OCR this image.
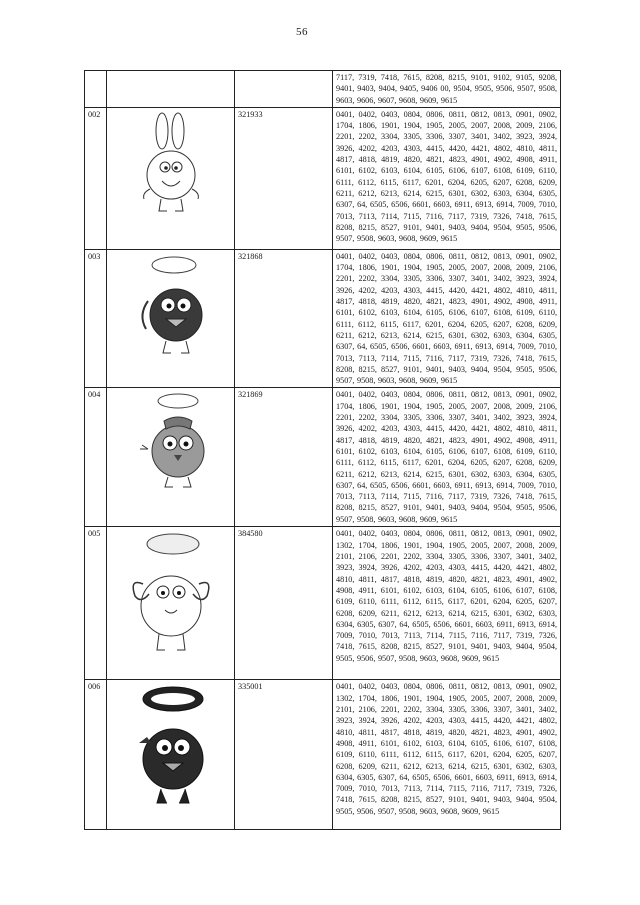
56
			7117, 7319, 7418, 7615, 8208, 8215, 9101, 9102, 9105, 9208, 9401, 9403, 9404, 9405, 9406 00, 9504, 9505, 9506, 9507, 9508, 9603, 9606, 9607, 9608, 9609, 9615
002		321933	0401, 0402, 0403, 0804, 0806, 0811, 0812, 0813, 0901, 0902, 1704, 1806, 1901, 1904, 1905, 2005, 2007, 2008, 2009, 2106, 2201, 2202, 3304, 3305, 3306, 3307, 3401, 3402, 3923, 3924, 3926, 4202, 4203, 4303, 4415, 4420, 4421, 4802, 4810, 4811, 4817, 4818, 4819, 4820, 4821, 4823, 4901, 4902, 4908, 4911, 6101, 6102, 6103, 6104, 6105, 6106, 6107, 6108, 6109, 6110, 6111, 6112, 6115, 6117, 6201, 6204, 6205, 6207, 6208, 6209, 6211, 6212, 6213, 6214, 6215, 6301, 6302, 6303, 6304, 6305, 6307, 64, 6505, 6506, 6601, 6603, 6911, 6913, 6914, 7009, 7010, 7013, 7113, 7114, 7115, 7116, 7117, 7319, 7326, 7418, 7615, 8208, 8215, 8527, 9101, 9401, 9403, 9404, 9504, 9505, 9506, 9507, 9508, 9603, 9608, 9609, 9615
003		321868	0401, 0402, 0403, 0804, 0806, 0811, 0812, 0813, 0901, 0902, 1704, 1806, 1901, 1904, 1905, 2005, 2007, 2008, 2009, 2106, 2201, 2202, 3304, 3305, 3306, 3307, 3401, 3402, 3923, 3924, 3926, 4202, 4203, 4303, 4415, 4420, 4421, 4802, 4810, 4811, 4817, 4818, 4819, 4820, 4821, 4823, 4901, 4902, 4908, 4911, 6101, 6102, 6103, 6104, 6105, 6106, 6107, 6108, 6109, 6110, 6111, 6112, 6115, 6117, 6201, 6204, 6205, 6207, 6208, 6209, 6211, 6212, 6213, 6214, 6215, 6301, 6302, 6303, 6304, 6305, 6307, 64, 6505, 6506, 6601, 6603, 6911, 6913, 6914, 7009, 7010, 7013, 7113, 7114, 7115, 7116, 7117, 7319, 7326, 7418, 7615, 8208, 8215, 8527, 9101, 9401, 9403, 9404, 9504, 9505, 9506, 9507, 9508, 9603, 9608, 9609, 9615
004		321869	0401, 0402, 0403, 0804, 0806, 0811, 0812, 0813, 0901, 0902, 1704, 1806, 1901, 1904, 1905, 2005, 2007, 2008, 2009, 2106, 2201, 2202, 3304, 3305, 3306, 3307, 3401, 3402, 3923, 3924, 3926, 4202, 4203, 4303, 4415, 4420, 4421, 4802, 4810, 4811, 4817, 4818, 4819, 4820, 4821, 4823, 4901, 4902, 4908, 4911, 6101, 6102, 6103, 6104, 6105, 6106, 6107, 6108, 6109, 6110, 6111, 6112, 6115, 6117, 6201, 6204, 6205, 6207, 6208, 6209, 6211, 6212, 6213, 6214, 6215, 6301, 6302, 6303, 6304, 6305, 6307, 64, 6505, 6506, 6601, 6603, 6911, 6913, 6914, 7009, 7010, 7013, 7113, 7114, 7115, 7116, 7117, 7319, 7326, 7418, 7615, 8208, 8215, 8527, 9101, 9401, 9403, 9404, 9504, 9505, 9506, 9507, 9508, 9603, 9608, 9609, 9615
005		384580	0401, 0402, 0403, 0804, 0806, 0811, 0812, 0813, 0901, 0902, 1302, 1704, 1806, 1901, 1904, 1905, 2005, 2007, 2008, 2009, 2101, 2106, 2201, 2202, 3304, 3305, 3306, 3307, 3401, 3402, 3923, 3924, 3926, 4202, 4203, 4303, 4415, 4420, 4421, 4802, 4810, 4811, 4817, 4818, 4819, 4820, 4821, 4823, 4901, 4902, 4908, 4911, 6101, 6102, 6103, 6104, 6105, 6106, 6107, 6108, 6109, 6110, 6111, 6112, 6115, 6117, 6201, 6204, 6205, 6207, 6208, 6209, 6211, 6212, 6213, 6214, 6215, 6301, 6302, 6303, 6304, 6305, 6307, 64, 6505, 6506, 6601, 6603, 6911, 6913, 6914, 7009, 7010, 7013, 7113, 7114, 7115, 7116, 7117, 7319, 7326, 7418, 7615, 8208, 8215, 8527, 9101, 9401, 9403, 9404, 9504, 9505, 9506, 9507, 9508, 9603, 9608, 9609, 9615
006		335001	0401, 0402, 0403, 0804, 0806, 0811, 0812, 0813, 0901, 0902, 1302, 1704, 1806, 1901, 1904, 1905, 2005, 2007, 2008, 2009, 2101, 2106, 2201, 2202, 3304, 3305, 3306, 3307, 3401, 3402, 3923, 3924, 3926, 4202, 4203, 4303, 4415, 4420, 4421, 4802, 4810, 4811, 4817, 4818, 4819, 4820, 4821, 4823, 4901, 4902, 4908, 4911, 6101, 6102, 6103, 6104, 6105, 6106, 6107, 6108, 6109, 6110, 6111, 6112, 6115, 6117, 6201, 6204, 6205, 6207, 6208, 6209, 6211, 6212, 6213, 6214, 6215, 6301, 6302, 6303, 6304, 6305, 6307, 64, 6505, 6506, 6601, 6603, 6911, 6913, 6914, 7009, 7010, 7013, 7113, 7114, 7115, 7116, 7117, 7319, 7326, 7418, 7615, 8208, 8215, 8527, 9101, 9401, 9403, 9404, 9504, 9505, 9506, 9507, 9508, 9603, 9608, 9609, 9615
